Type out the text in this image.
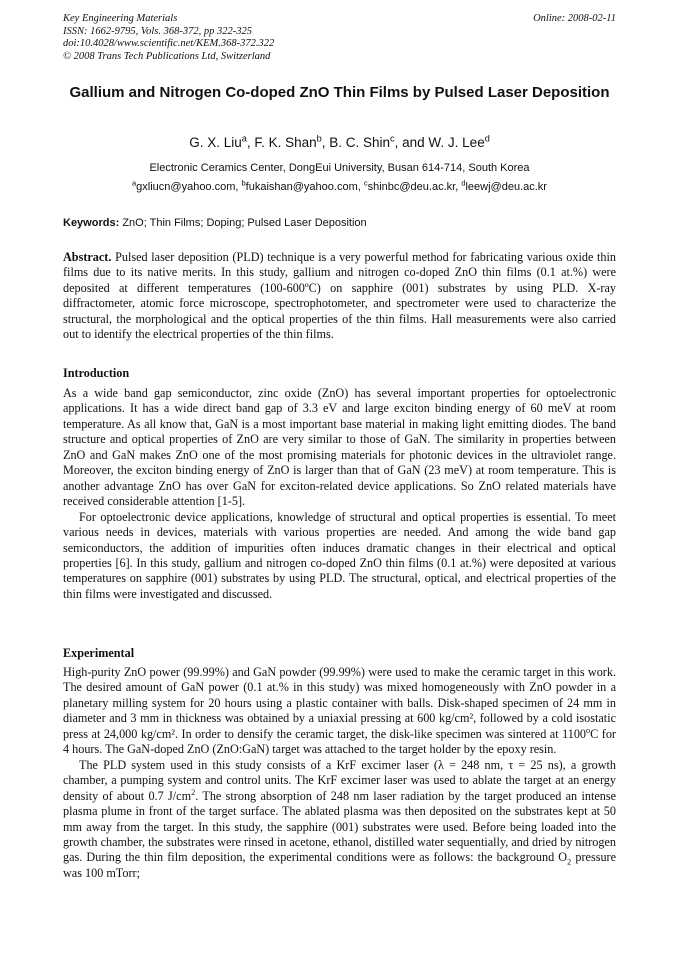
Key Engineering Materials
ISSN: 1662-9795, Vols. 368-372, pp 322-325
doi:10.4028/www.scientific.net/KEM.368-372.322
© 2008 Trans Tech Publications Ltd, Switzerland
Online: 2008-02-11
Gallium and Nitrogen Co-doped ZnO Thin Films by Pulsed Laser Deposition
G. X. Liu$^a$, F. K. Shan$^b$, B. C. Shin$^c$, and W. J. Lee$^d$
Electronic Ceramics Center, DongEui University, Busan 614-714, South Korea
$^a$gxliucn@yahoo.com, $^b$fukaishan@yahoo.com, $^c$shinbc@deu.ac.kr, $^d$leewj@deu.ac.kr
Keywords: ZnO; Thin Films; Doping; Pulsed Laser Deposition

Abstract. Pulsed laser deposition (PLD) technique is a very powerful method for fabricating various oxide thin films due to its native merits. In this study, gallium and nitrogen co-doped ZnO thin films (0.1 at.%) were deposited at different temperatures (100-600ºC) on sapphire (001) substrates by using PLD. X-ray diffractometer, atomic force microscope, spectrophotometer, and spectrometer were used to characterize the structural, the morphological and the optical properties of the thin films. Hall measurements were also carried out to identify the electrical properties of the thin films.

Introduction

As a wide band gap semiconductor, zinc oxide (ZnO) has several important properties for optoelectronic applications. It has a wide direct band gap of 3.3 eV and large exciton binding energy of 60 meV at room temperature. As all know that, GaN is a most important base material in making light emitting diodes. The band structure and optical properties of ZnO are very similar to those of GaN. The similarity in properties between ZnO and GaN makes ZnO one of the most promising materials for photonic devices in the ultraviolet range. Moreover, the exciton binding energy of ZnO is larger than that of GaN (23 meV) at room temperature. This is another advantage ZnO has over GaN for exciton-related device applications. So ZnO related materials have received considerable attention [1-5].

For optoelectronic device applications, knowledge of structural and optical properties is essential. To meet various needs in devices, materials with various properties are needed. And among the wide band gap semiconductors, the addition of impurities often induces dramatic changes in their electrical and optical properties [6]. In this study, gallium and nitrogen co-doped ZnO thin films (0.1 at.%) were deposited at various temperatures on sapphire (001) substrates by using PLD. The structural, optical, and electrical properties of the thin films were investigated and discussed.

Experimental

High-purity ZnO power (99.99%) and GaN powder (99.99%) were used to make the ceramic target in this work. The desired amount of GaN power (0.1 at.% in this study) was mixed homogeneously with ZnO powder in a planetary milling system for 20 hours using a plastic container with balls. Disk-shaped specimen of 24 mm in diameter and 3 mm in thickness was obtained by a uniaxial pressing at 600 kg/cm², followed by a cold isostatic press at 24,000 kg/cm². In order to densify the ceramic target, the disk-like specimen was sintered at 1100$^o$C for 4 hours. The GaN-doped ZnO (ZnO:GaN) target was attached to the target holder by the epoxy resin.

The PLD system used in this study consists of a KrF excimer laser (λ = 248 nm, τ = 25 ns), a growth chamber, a pumping system and control units. The KrF excimer laser was used to ablate the target at an energy density of about 0.7 $J/cm^2$. The strong absorption of 248 nm laser radiation by the target produced an intense plasma plume in front of the target surface. The ablated plasma was then deposited on the substrates kept at 50 mm away from the target. In this study, the sapphire (001) substrates were used. Before being loaded into the growth chamber, the substrates were rinsed in acetone, ethanol, distilled water sequentially, and dried by nitrogen gas. During the thin film deposition, the experimental conditions were as follows: the background $O_2$ pressure was 100 mTorr;
